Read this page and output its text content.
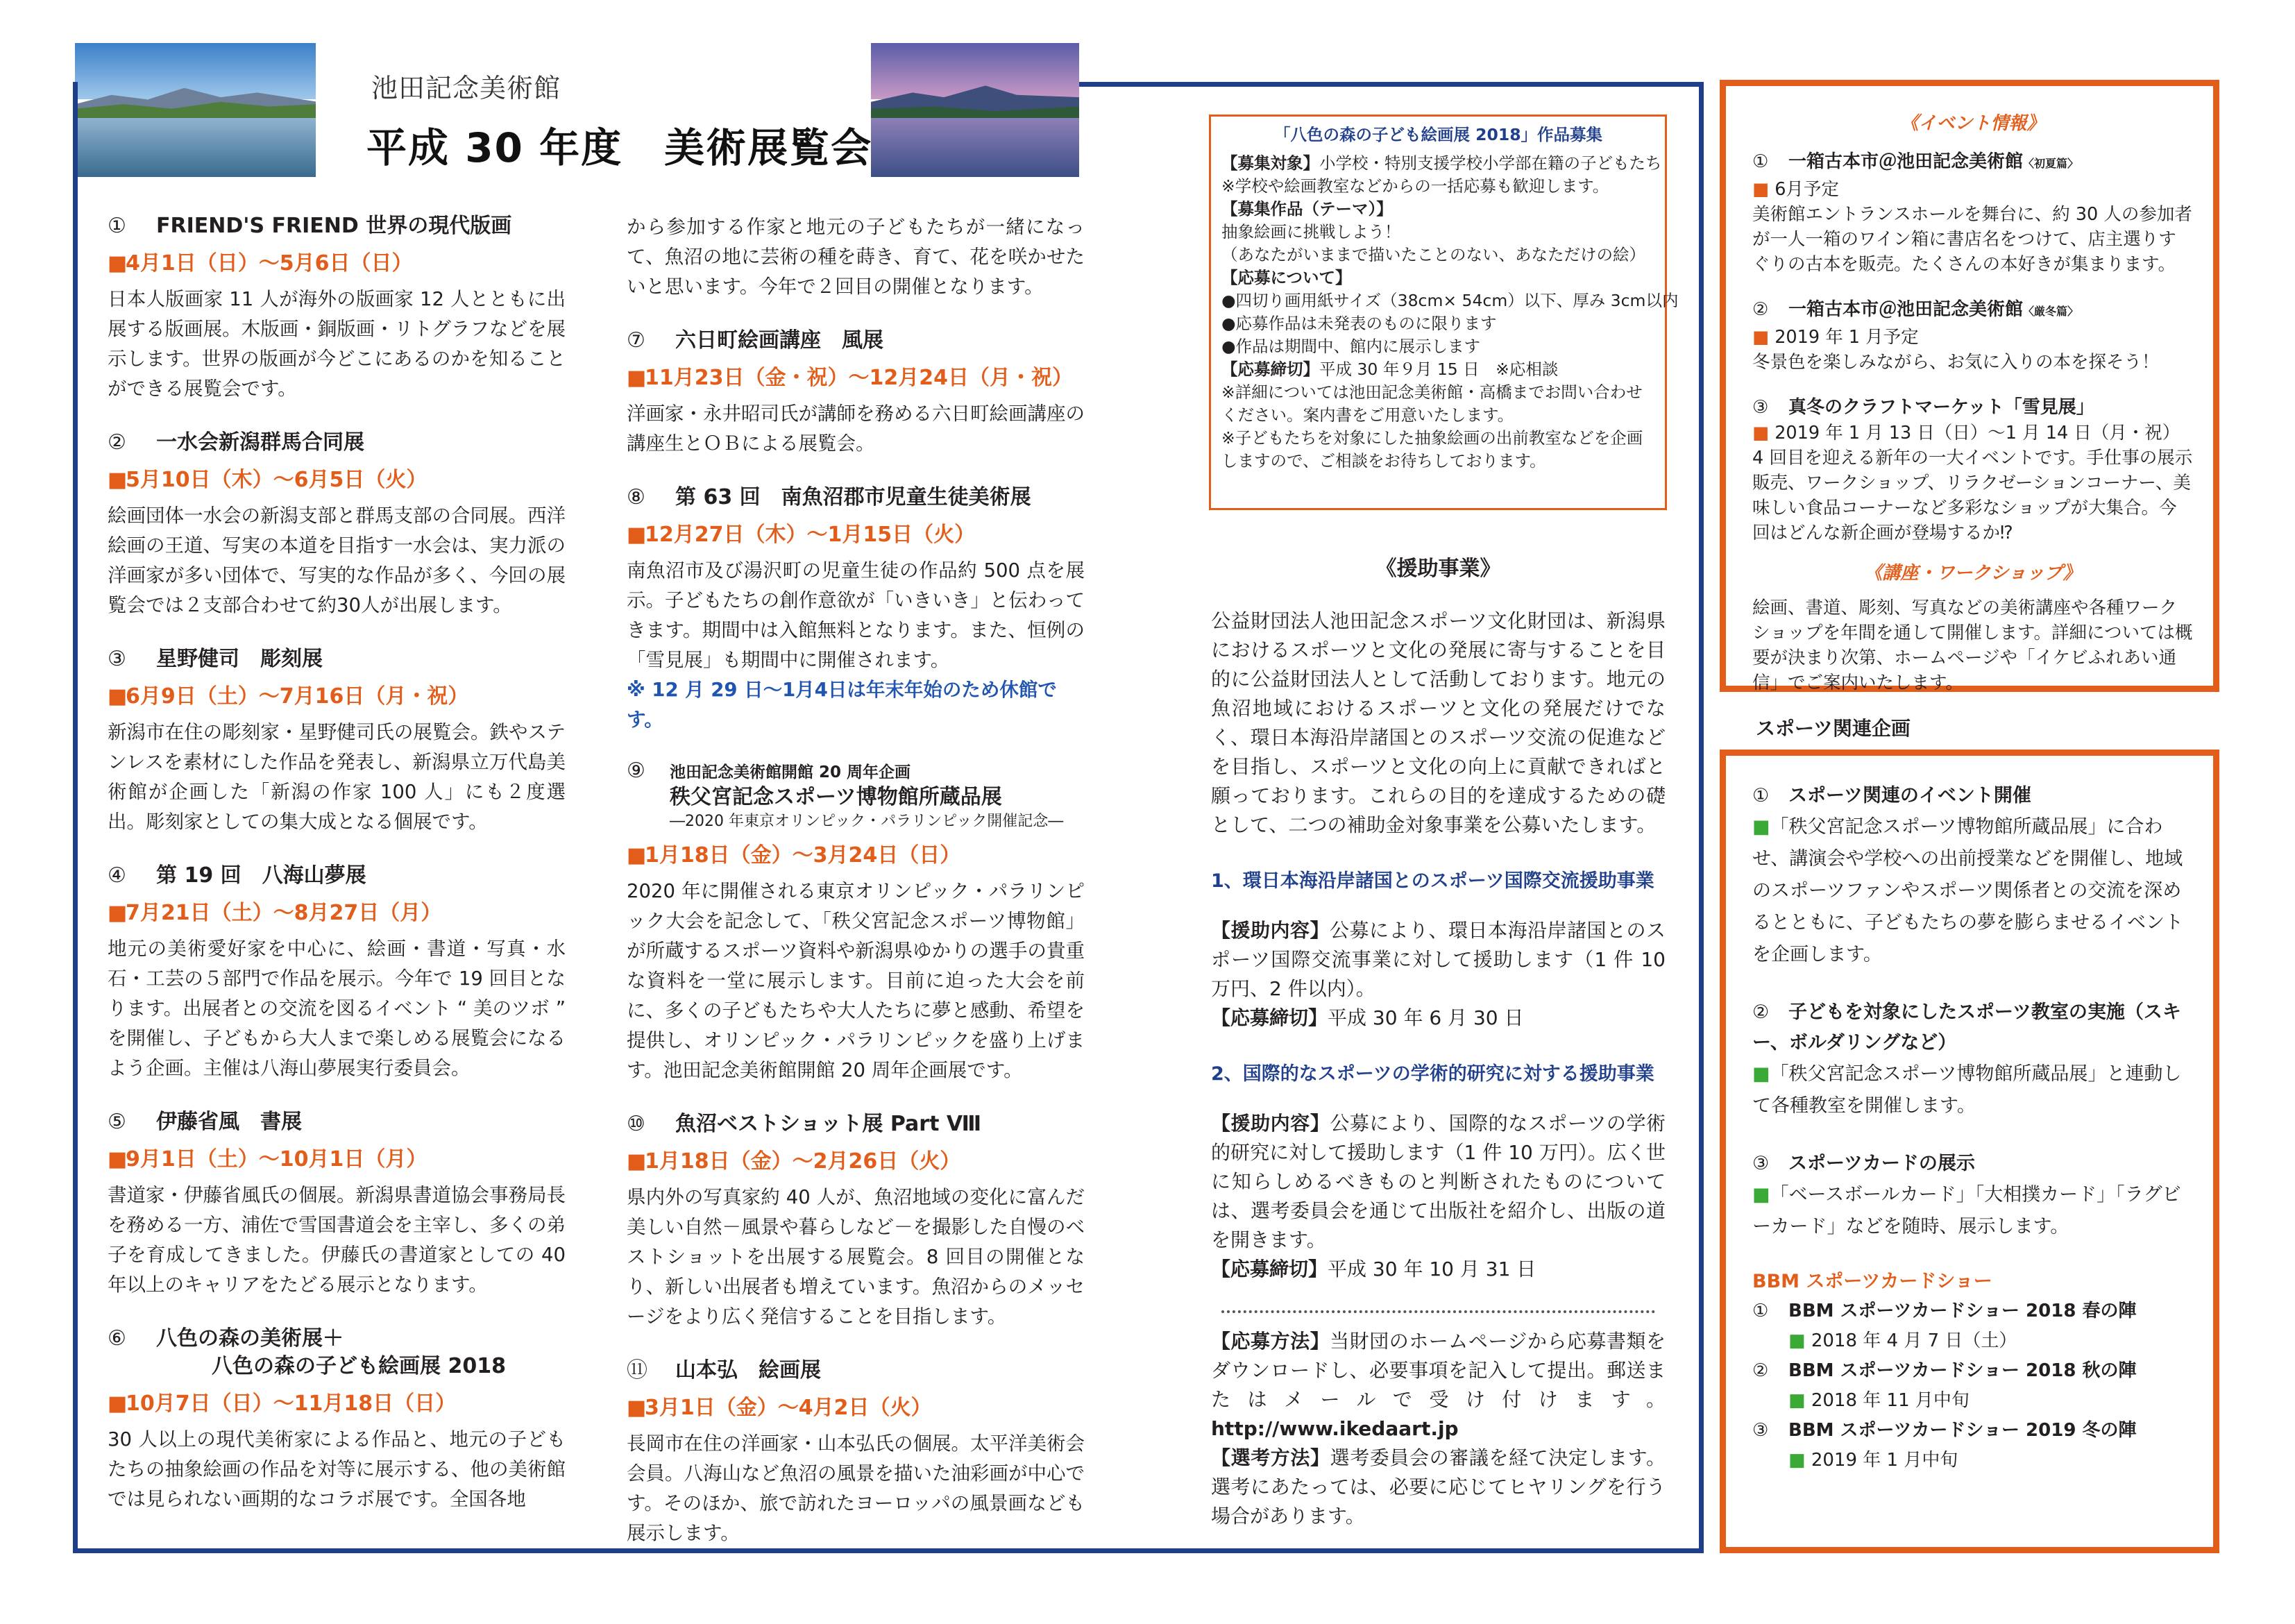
池田記念美術館
平成 30 年度　美術展覧会

① FRIEND'S FRIEND 世界の現代版画

■4月1日（日）～5月6日（日）

日本人版画家 11 人が海外の版画家 12 人とともに出展する版画展。木版画・銅版画・リトグラフなどを展示します。世界の版画が今どこにあるのかを知ることができる展覧会です。

② 一水会新潟群馬合同展

■5月10日（木）～6月5日（火）

絵画団体一水会の新潟支部と群馬支部の合同展。西洋絵画の王道、写実の本道を目指す一水会は、実力派の洋画家が多い団体で、写実的な作品が多く、今回の展覧会では２支部合わせて約30人が出展します。

③ 星野健司　彫刻展

■6月9日（土）～7月16日（月・祝）

新潟市在住の彫刻家・星野健司氏の展覧会。鉄やステンレスを素材にした作品を発表し、新潟県立万代島美術館が企画した「新潟の作家 100 人」にも２度選出。彫刻家としての集大成となる個展です。

④ 第 19 回　八海山夢展

■7月21日（土）～8月27日（月）

地元の美術愛好家を中心に、絵画・書道・写真・水石・工芸の５部門で作品を展示。今年で 19 回目となります。出展者との交流を図るイベント “ 美のツボ ” を開催し、子どもから大人まで楽しめる展覧会になるよう企画。主催は八海山夢展実行委員会。

⑤ 伊藤省風　書展

■9月1日（土）～10月1日（月）

書道家・伊藤省風氏の個展。新潟県書道協会事務局長を務める一方、浦佐で雪国書道会を主宰し、多くの弟子を育成してきました。伊藤氏の書道家としての 40 年以上のキャリアをたどる展示となります。

⑥ 八色の森の美術展＋

八色の森の子ども絵画展 2018

■10月7日（日）～11月18日（日）

30 人以上の現代美術家による作品と、地元の子どもたちの抽象絵画の作品を対等に展示する、他の美術館では見られない画期的なコラボ展です。全国各地

から参加する作家と地元の子どもたちが一緒になって、魚沼の地に芸術の種を蒔き、育て、花を咲かせたいと思います。今年で２回目の開催となります。

⑦ 六日町絵画講座　風展

■11月23日（金・祝）～12月24日（月・祝）

洋画家・永井昭司氏が講師を務める六日町絵画講座の講座生とＯＢによる展覧会。

⑧ 第 63 回　南魚沼郡市児童生徒美術展

■12月27日（木）～1月15日（火）

南魚沼市及び湯沢町の児童生徒の作品約 500 点を展示。子どもたちの創作意欲が「いきいき」と伝わってきます。期間中は入館無料となります。また、恒例の「雪見展」も期間中に開催されます。

※ 12 月 29 日～1月4日は年末年始のため休館です。

⑨ 池田記念美術館開館 20 周年企画

秩父宮記念スポーツ博物館所蔵品展

―2020 年東京オリンピック・パラリンピック開催記念―

■1月18日（金）～3月24日（日）

2020 年に開催される東京オリンピック・パラリンピック大会を記念して、「秩父宮記念スポーツ博物館」が所蔵するスポーツ資料や新潟県ゆかりの選手の貴重な資料を一堂に展示します。目前に迫った大会を前に、多くの子どもたちや大人たちに夢と感動、希望を提供し、オリンピック・パラリンピックを盛り上げます。池田記念美術館開館 20 周年企画展です。

⑩ 魚沼ベストショット展 Part Ⅷ

■1月18日（金）～2月26日（火）

県内外の写真家約 40 人が、魚沼地域の変化に富んだ美しい自然－風景や暮らしなど－を撮影した自慢のベストショットを出展する展覧会。8 回目の開催となり、新しい出展者も増えています。魚沼からのメッセージをより広く発信することを目指します。

⑪ 山本弘　絵画展

■3月1日（金）～4月2日（火）

長岡市在住の洋画家・山本弘氏の個展。太平洋美術会会員。八海山など魚沼の風景を描いた油彩画が中心です。そのほか、旅で訪れたヨーロッパの風景画なども展示します。

「八色の森の子ども絵画展 2018」作品募集

【募集対象】小学校・特別支援学校小学部在籍の子どもたち

※学校や絵画教室などからの一括応募も歓迎します。

【募集作品（テーマ）】

抽象絵画に挑戦しよう！

（あなたがいままで描いたことのない、あなただけの絵）

【応募について】

●四切り画用紙サイズ（38cm× 54cm）以下、厚み 3cm以内

●応募作品は未発表のものに限ります

●作品は期間中、館内に展示します

【応募締切】平成 30 年９月 15 日　※応相談

※詳細については池田記念美術館・高橋までお問い合わせください。案内書をご用意いたします。

※子どもたちを対象にした抽象絵画の出前教室などを企画しますので、ご相談をお待ちしております。

《援助事業》

公益財団法人池田記念スポーツ文化財団は、新潟県におけるスポーツと文化の発展に寄与することを目的に公益財団法人として活動しております。地元の魚沼地域におけるスポーツと文化の発展だけでなく、環日本海沿岸諸国とのスポーツ交流の促進などを目指し、スポーツと文化の向上に貢献できればと願っております。これらの目的を達成するための礎として、二つの補助金対象事業を公募いたします。

1、環日本海沿岸諸国とのスポーツ国際交流援助事業

【援助内容】公募により、環日本海沿岸諸国とのスポーツ国際交流事業に対して援助します（1 件 10 万円、2 件以内）。

【応募締切】平成 30 年 6 月 30 日

2、国際的なスポーツの学術的研究に対する援助事業

【援助内容】公募により、国際的なスポーツの学術的研究に対して援助します（1 件 10 万円）。広く世に知らしめるべきものと判断されたものについては、選考委員会を通じて出版社を紹介し、出版の道を開きます。

【応募締切】平成 30 年 10 月 31 日

【応募方法】当財団のホームページから応募書類をダウンロードし、必要事項を記入して提出。郵送またはメールで受け付けます。 http://www.ikedaart.jp

【選考方法】選考委員会の審議を経て決定します。選考にあたっては、必要に応じてヒヤリングを行う場合があります。

《イベント情報》

① 一箱古本市＠池田記念美術館〈初夏篇〉

■ 6月予定

美術館エントランスホールを舞台に、約 30 人の参加者が一人一箱のワイン箱に書店名をつけて、店主選りすぐりの古本を販売。たくさんの本好きが集まります。

② 一箱古本市＠池田記念美術館〈厳冬篇〉

■ 2019 年 1 月予定

冬景色を楽しみながら、お気に入りの本を探そう！

③ 真冬のクラフトマーケット「雪見展」

■ 2019 年 1 月 13 日（日）～1 月 14 日（月・祝）

4 回目を迎える新年の一大イベントです。手仕事の展示販売、ワークショップ、リラクゼーションコーナー、美味しい食品コーナーなど多彩なショップが大集合。今回はどんな新企画が登場するか⁉

《講座・ワークショップ》

絵画、書道、彫刻、写真などの美術講座や各種ワークショップを年間を通して開催します。詳細については概要が決まり次第、ホームページや「イケビふれあい通信」でご案内いたします。

スポーツ関連企画

① スポーツ関連のイベント開催

■「秩父宮記念スポーツ博物館所蔵品展」に合わせ、講演会や学校への出前授業などを開催し、地域のスポーツファンやスポーツ関係者との交流を深めるとともに、子どもたちの夢を膨らませるイベントを企画します。

② 子どもを対象にしたスポーツ教室の実施（スキー、ボルダリングなど）

■「秩父宮記念スポーツ博物館所蔵品展」と連動して各種教室を開催します。

③ スポーツカードの展示

■「ベースボールカード」「大相撲カード」「ラグビーカード」などを随時、展示します。

BBM スポーツカードショー

① BBM スポーツカードショー 2018 春の陣

■ 2018 年 4 月 7 日（土）

② BBM スポーツカードショー 2018 秋の陣

■ 2018 年 11 月中旬

③ BBM スポーツカードショー 2019 冬の陣

■ 2019 年 1 月中旬
